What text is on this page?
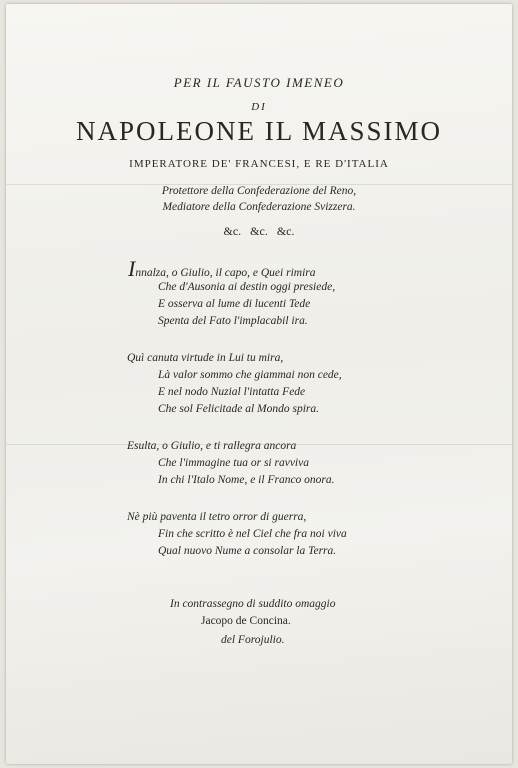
PER IL FAUSTO IMENEO
DI
NAPOLEONE IL MASSIMO
IMPERATORE DE' FRANCESI, E RE D'ITALIA
Protettore della Confederazione del Reno,
Mediatore della Confederazione Svizzera.
&c. &c. &c.
Innalza, o Giulio, il capo, e Quei rimira
Che d'Ausonia ai destin oggi presiede,
E osserva al lume di lucenti Tede
Spenta del Fato l'implacabil ira.
Quì canuta virtude in Lui tu mira,
Là valor sommo che giammai non cede,
E nel nodo Nuzial l'intatta Fede
Che sol Felicitade al Mondo spira.
Esulta, o Giulio, e ti rallegra ancora
Che l'immagine tua or si ravviva
In chi l'Italo Nome, e il Franco onora.
Nè più paventa il tetro orror di guerra,
Fin che scritto è nel Ciel che fra noi viva
Qual nuovo Nume a consolar la Terra.
In contrassegno di suddito omaggio
Jacopo de Concina.
del Forojulio.
